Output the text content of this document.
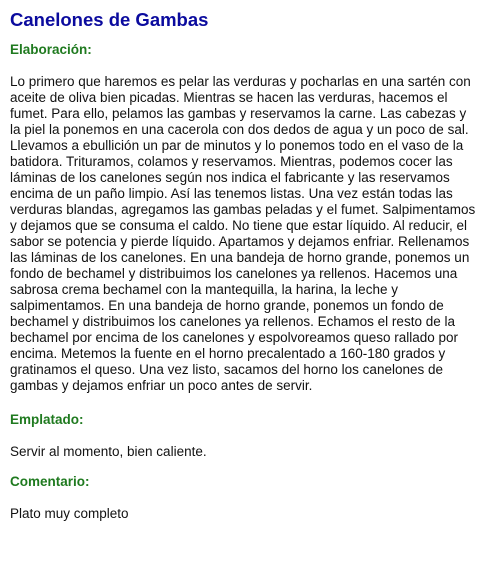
Canelones de Gambas
Elaboración:

Lo primero que haremos es pelar las verduras y pocharlas en una sartén con aceite de oliva bien picadas. Mientras se hacen las verduras, hacemos el fumet. Para ello, pelamos las gambas y reservamos la carne. Las cabezas y la piel la ponemos en una cacerola con dos dedos de agua y un poco de sal. Llevamos a ebullición un par de minutos y lo ponemos todo en el vaso de la batidora. Trituramos, colamos y reservamos. Mientras, podemos cocer las láminas de los canelones según nos indica el fabricante y las reservamos encima de un paño limpio. Así las tenemos listas. Una vez están todas las verduras blandas, agregamos las gambas peladas y el fumet. Salpimentamos y dejamos que se consuma el caldo. No tiene que estar líquido. Al reducir, el sabor se potencia y pierde líquido. Apartamos y dejamos enfriar. Rellenamos las láminas de los canelones. En una bandeja de horno grande, ponemos un fondo de bechamel y distribuimos los canelones ya rellenos. Hacemos una sabrosa crema bechamel con la mantequilla, la harina, la leche y salpimentamos. En una bandeja de horno grande, ponemos un fondo de bechamel y distribuimos los canelones ya rellenos. Echamos el resto de la bechamel por encima de los canelones y espolvoreamos queso rallado por encima. Metemos la fuente en el horno precalentado a 160-180 grados y gratinamos el queso. Una vez listo, sacamos del horno los canelones de gambas y dejamos enfriar un poco antes de servir.

Emplatado:

Servir al momento, bien caliente.

Comentario:

Plato muy completo
